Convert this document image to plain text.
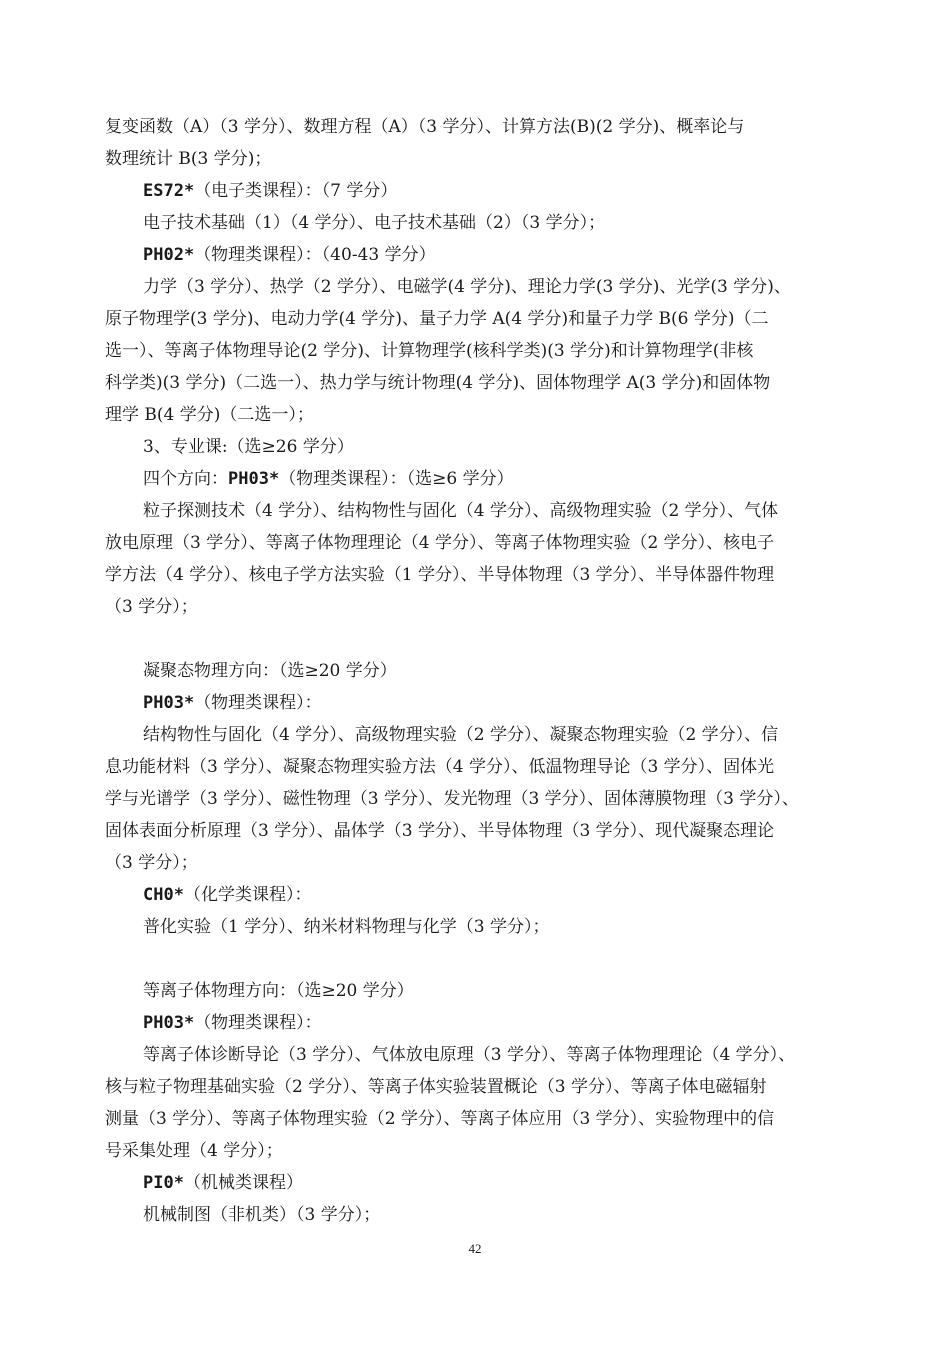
复变函数（A）（3 学分）、数理方程（A）（3 学分）、计算方法(B)(2 学分)、概率论与
数理统计 B(3 学分)；
ES72*（电子类课程）：（7 学分）
电子技术基础（1）（4 学分）、电子技术基础（2）（3 学分）；
PH02*（物理类课程）：（40-43 学分）
力学（3 学分）、热学（2 学分）、电磁学(4 学分)、理论力学(3 学分)、光学(3 学分)、
原子物理学(3 学分)、电动力学(4 学分)、量子力学 A(4 学分)和量子力学 B(6 学分)（二
选一）、等离子体物理导论(2 学分)、计算物理学(核科学类)(3 学分)和计算物理学(非核
科学类)(3 学分)（二选一）、热力学与统计物理(4 学分)、固体物理学 A(3 学分)和固体物
理学 B(4 学分)（二选一）；
3、专业课:（选≥26 学分）
四个方向：PH03*（物理类课程）：（选≥6 学分）
粒子探测技术（4 学分）、结构物性与固化（4 学分）、高级物理实验（2 学分）、气体
放电原理（3 学分）、等离子体物理理论（4 学分）、等离子体物理实验（2 学分）、核电子
学方法（4 学分）、核电子学方法实验（1 学分）、半导体物理（3 学分）、半导体器件物理
（3 学分）；
凝聚态物理方向：（选≥20 学分）
PH03*（物理类课程）：
结构物性与固化（4 学分）、高级物理实验（2 学分）、凝聚态物理实验（2 学分）、信
息功能材料（3 学分）、凝聚态物理实验方法（4 学分）、低温物理导论（3 学分）、固体光
学与光谱学（3 学分）、磁性物理（3 学分）、发光物理（3 学分）、固体薄膜物理（3 学分）、
固体表面分析原理（3 学分）、晶体学（3 学分）、半导体物理（3 学分）、现代凝聚态理论
（3 学分）；
CH0*（化学类课程）：
普化实验（1 学分）、纳米材料物理与化学（3 学分）；
等离子体物理方向：（选≥20 学分）
PH03*（物理类课程）：
等离子体诊断导论（3 学分）、气体放电原理（3 学分）、等离子体物理理论（4 学分）、
核与粒子物理基础实验（2 学分）、等离子体实验装置概论（3 学分）、等离子体电磁辐射
测量（3 学分）、等离子体物理实验（2 学分）、等离子体应用（3 学分）、实验物理中的信
号采集处理（4 学分）；
PI0*（机械类课程）
机械制图（非机类）（3 学分）；
42
